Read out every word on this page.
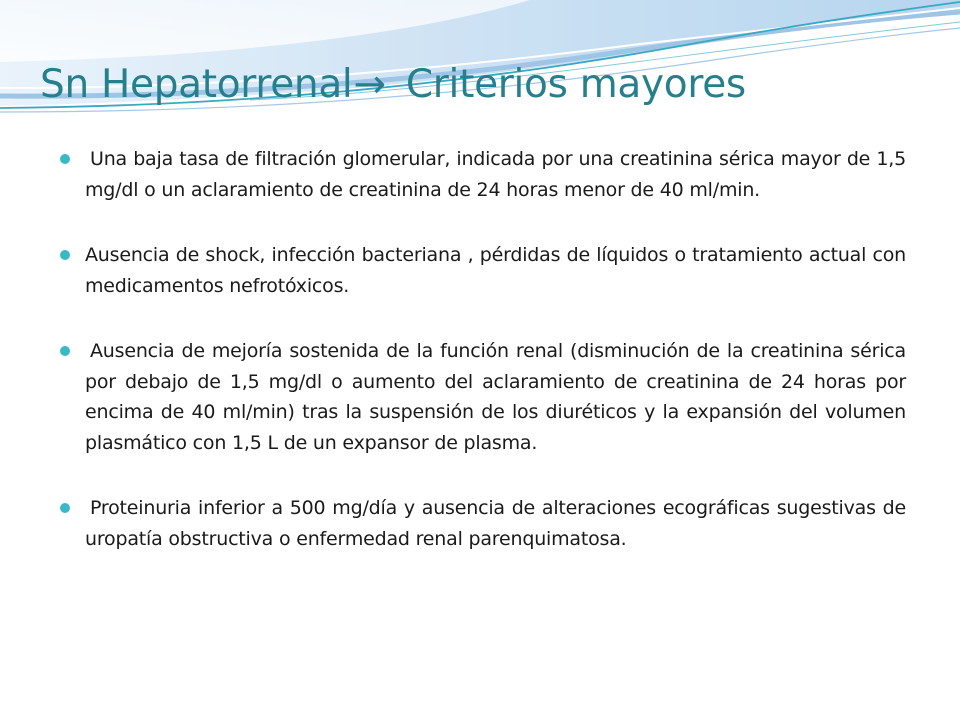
Sn Hepatorrenal→ Criterios mayores
Una baja tasa de filtración glomerular, indicada por una creatinina sérica mayor de 1,5 mg/dl o un aclaramiento de creatinina de 24 horas menor de 40 ml/min.
Ausencia de shock, infección bacteriana , pérdidas de líquidos o tratamiento actual con medicamentos nefrotóxicos.
Ausencia de mejoría sostenida de la función renal (disminución de la creatinina sérica por debajo de 1,5 mg/dl o aumento del aclaramiento de creatinina de 24 horas por encima de 40 ml/min) tras la suspensión de los diuréticos y la expansión del volumen plasmático con 1,5 L de un expansor de plasma.
Proteinuria inferior a 500 mg/día y ausencia de alteraciones ecográficas sugestivas de uropatía obstructiva o enfermedad renal parenquimatosa.
